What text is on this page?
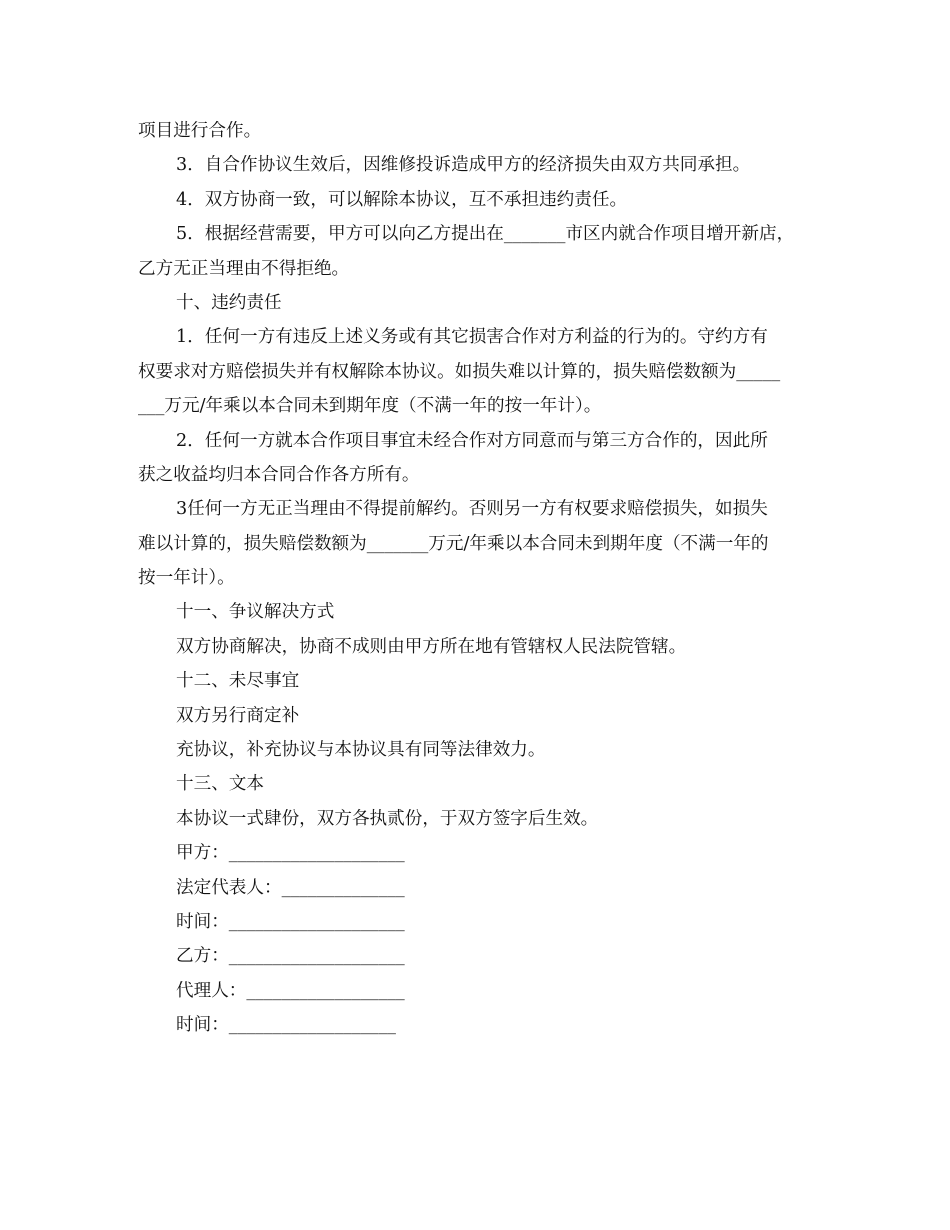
项目进行合作。
3．自合作协议生效后，因维修投诉造成甲方的经济损失由双方共同承担。
4．双方协商一致，可以解除本协议，互不承担违约责任。
5．根据经营需要，甲方可以向乙方提出在_______市区内就合作项目增开新店，
乙方无正当理由不得拒绝。
十、违约责任
1．任何一方有违反上述义务或有其它损害合作对方利益的行为的。守约方有
权要求对方赔偿损失并有权解除本协议。如损失难以计算的，损失赔偿数额为_____
___万元/年乘以本合同未到期年度（不满一年的按一年计）。
2．任何一方就本合作项目事宜未经合作对方同意而与第三方合作的，因此所
获之收益均归本合同合作各方所有。
3任何一方无正当理由不得提前解约。否则另一方有权要求赔偿损失，如损失
难以计算的，损失赔偿数额为_______万元/年乘以本合同未到期年度（不满一年的
按一年计）。
十一、争议解决方式
双方协商解决，协商不成则由甲方所在地有管辖权人民法院管辖。
十二、未尽事宜
双方另行商定补
充协议，补充协议与本协议具有同等法律效力。
十三、文本
本协议一式肆份，双方各执贰份，于双方签字后生效。
甲方：____________________
法定代表人：______________
时间：____________________
乙方：____________________
代理人：__________________
时间：___________________
